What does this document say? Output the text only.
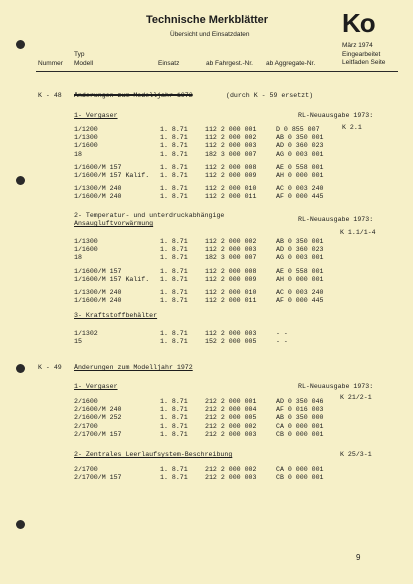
Technische Merkblätter
Übersicht und Einsatzdaten
Typ
Nummer Modell	Einsatz	ab Fahrgest.-Nr. ab Aggregate-Nr.
Ko
März 1974
Eingearbeitet
Leitfaden Seite
K - 48 Änderungen zum Modelljahr 1972	(durch K - 59 ersetzt)
1- Vergaser	RL-Neuausgabe 1973:
K 2.1
1/1200	1. 8.71	112 2 000 001	D 0 855 007
1/1300	1. 8.71	112 2 000 002	AB 0 350 001
1/1600	1. 8.71	112 2 000 003	AD 0 360 023
18	1. 8.71	182 3 000 007	AG 0 003 001
1/1600/M 157	1. 8.71	112 2 000 008	AE 0 558 001
1/1600/M 157 Kalif. 1. 8.71	112 2 000 009	AH 0 000 001
1/1300/M 240	1. 8.71	112 2 000 010	AC 0 003 240
1/1600/M 240	1. 8.71	112 2 000 011	AF 0 000 445
2- Temperatur- und unterdruckabhängige
Ansaugluftvorwärmung
RL-Neuausgabe 1973:
K 1.1/1-4
1/1300	1. 8.71	112 2 000 002	AB 0 350 001
1/1600	1. 8.71	112 2 000 003	AD 0 360 023
18	1. 8.71	182 3 000 007	AG 0 003 001
1/1600/M 157	1. 8.71	112 2 000 008	AE 0 558 001
1/1600/M 157 Kalif. 1. 8.71	112 2 000 009	AH 0 000 001
1/1300/M 240	1. 8.71	112 2 000 010	AC 0 003 240
1/1600/M 240	1. 8.71	112 2 000 011	AF 0 000 445
3- Kraftstoffbehälter
1/1302	1. 8.71	112 2 000 003	- -
15	1. 8.71	152 2 000 005	- -
K - 49 Änderungen zum Modelljahr 1972
1- Vergaser	RL-Neuausgabe 1973:
K 21/2-1
2/1600	1. 8.71	212 2 000 001	AD 0 350 046
2/1600/M 240	1. 8.71	212 2 000 004	AF 0 016 003
2/1600/M 252	1. 8.71	212 2 000 005	AB 0 350 000
2/1700	1. 8.71	212 2 000 002	CA 0 000 001
2/1700/M 157	1. 8.71	212 2 000 003	CB 0 000 001
2- Zentrales Leerlaufsystem-Beschreibung	K 25/3-1
2/1700	1. 8.71	212 2 000 002	CA 0 000 001
2/1700/M 157	1. 8.71	212 2 000 003	CB 0 000 001
9
